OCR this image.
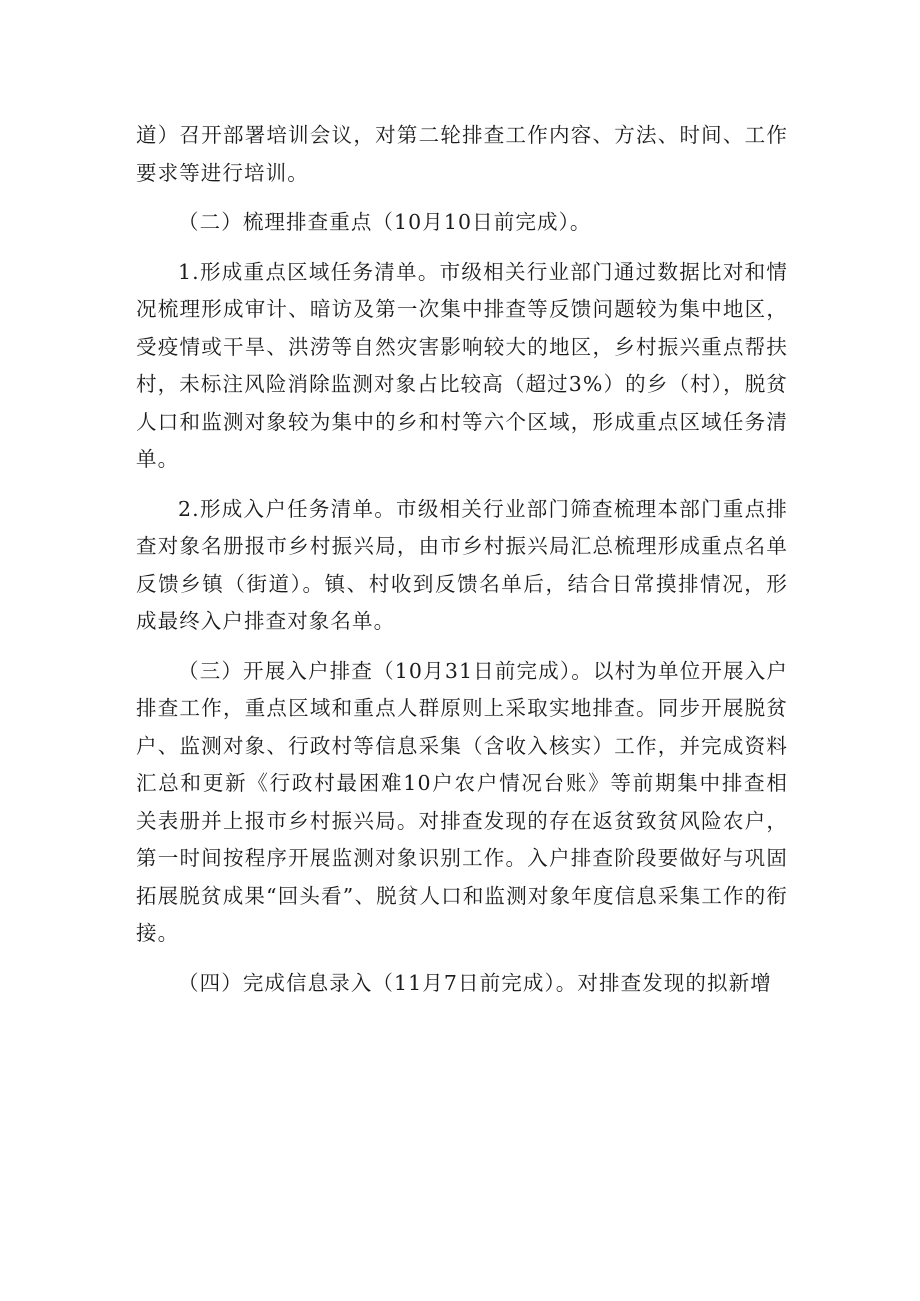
道）召开部署培训会议，对第二轮排查工作内容、方法、时间、工作要求等进行培训。

（二）梳理排查重点（10月10日前完成）。

1.形成重点区域任务清单。市级相关行业部门通过数据比对和情况梳理形成审计、暗访及第一次集中排查等反馈问题较为集中地区，受疫情或干旱、洪涝等自然灾害影响较大的地区，乡村振兴重点帮扶村，未标注风险消除监测对象占比较高（超过3%）的乡（村），脱贫人口和监测对象较为集中的乡和村等六个区域，形成重点区域任务清单。

2.形成入户任务清单。市级相关行业部门筛查梳理本部门重点排查对象名册报市乡村振兴局，由市乡村振兴局汇总梳理形成重点名单反馈乡镇（街道）。镇、村收到反馈名单后，结合日常摸排情况，形成最终入户排查对象名单。

（三）开展入户排查（10月31日前完成）。以村为单位开展入户排查工作，重点区域和重点人群原则上采取实地排查。同步开展脱贫户、监测对象、行政村等信息采集（含收入核实）工作，并完成资料汇总和更新《行政村最困难10户农户情况台账》等前期集中排查相关表册并上报市乡村振兴局。对排查发现的存在返贫致贫风险农户，第一时间按程序开展监测对象识别工作。入户排查阶段要做好与巩固拓展脱贫成果“回头看”、脱贫人口和监测对象年度信息采集工作的衔接。

（四）完成信息录入（11月7日前完成）。对排查发现的拟新增
